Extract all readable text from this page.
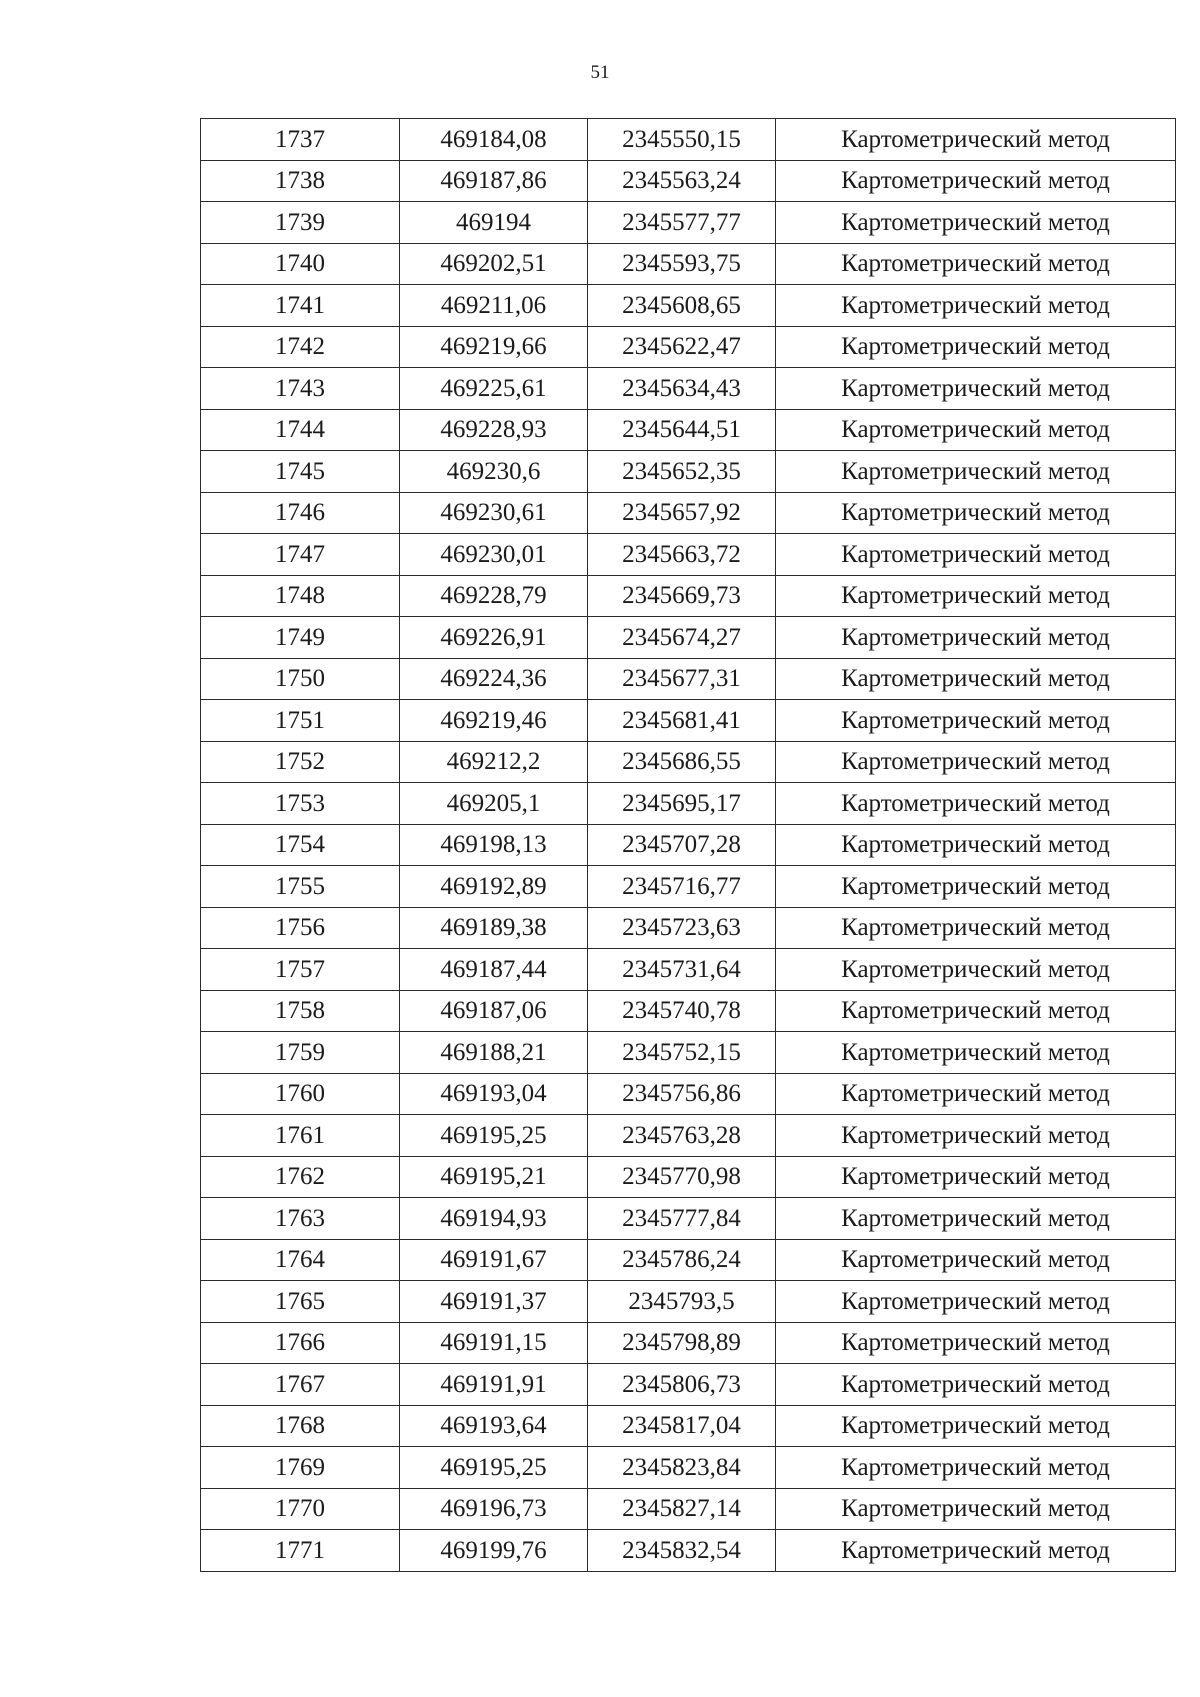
51
1737	469184,08	2345550,15	Картометрический метод
1738	469187,86	2345563,24	Картометрический метод
1739	469194	2345577,77	Картометрический метод
1740	469202,51	2345593,75	Картометрический метод
1741	469211,06	2345608,65	Картометрический метод
1742	469219,66	2345622,47	Картометрический метод
1743	469225,61	2345634,43	Картометрический метод
1744	469228,93	2345644,51	Картометрический метод
1745	469230,6	2345652,35	Картометрический метод
1746	469230,61	2345657,92	Картометрический метод
1747	469230,01	2345663,72	Картометрический метод
1748	469228,79	2345669,73	Картометрический метод
1749	469226,91	2345674,27	Картометрический метод
1750	469224,36	2345677,31	Картометрический метод
1751	469219,46	2345681,41	Картометрический метод
1752	469212,2	2345686,55	Картометрический метод
1753	469205,1	2345695,17	Картометрический метод
1754	469198,13	2345707,28	Картометрический метод
1755	469192,89	2345716,77	Картометрический метод
1756	469189,38	2345723,63	Картометрический метод
1757	469187,44	2345731,64	Картометрический метод
1758	469187,06	2345740,78	Картометрический метод
1759	469188,21	2345752,15	Картометрический метод
1760	469193,04	2345756,86	Картометрический метод
1761	469195,25	2345763,28	Картометрический метод
1762	469195,21	2345770,98	Картометрический метод
1763	469194,93	2345777,84	Картометрический метод
1764	469191,67	2345786,24	Картометрический метод
1765	469191,37	2345793,5	Картометрический метод
1766	469191,15	2345798,89	Картометрический метод
1767	469191,91	2345806,73	Картометрический метод
1768	469193,64	2345817,04	Картометрический метод
1769	469195,25	2345823,84	Картометрический метод
1770	469196,73	2345827,14	Картометрический метод
1771	469199,76	2345832,54	Картометрический метод
